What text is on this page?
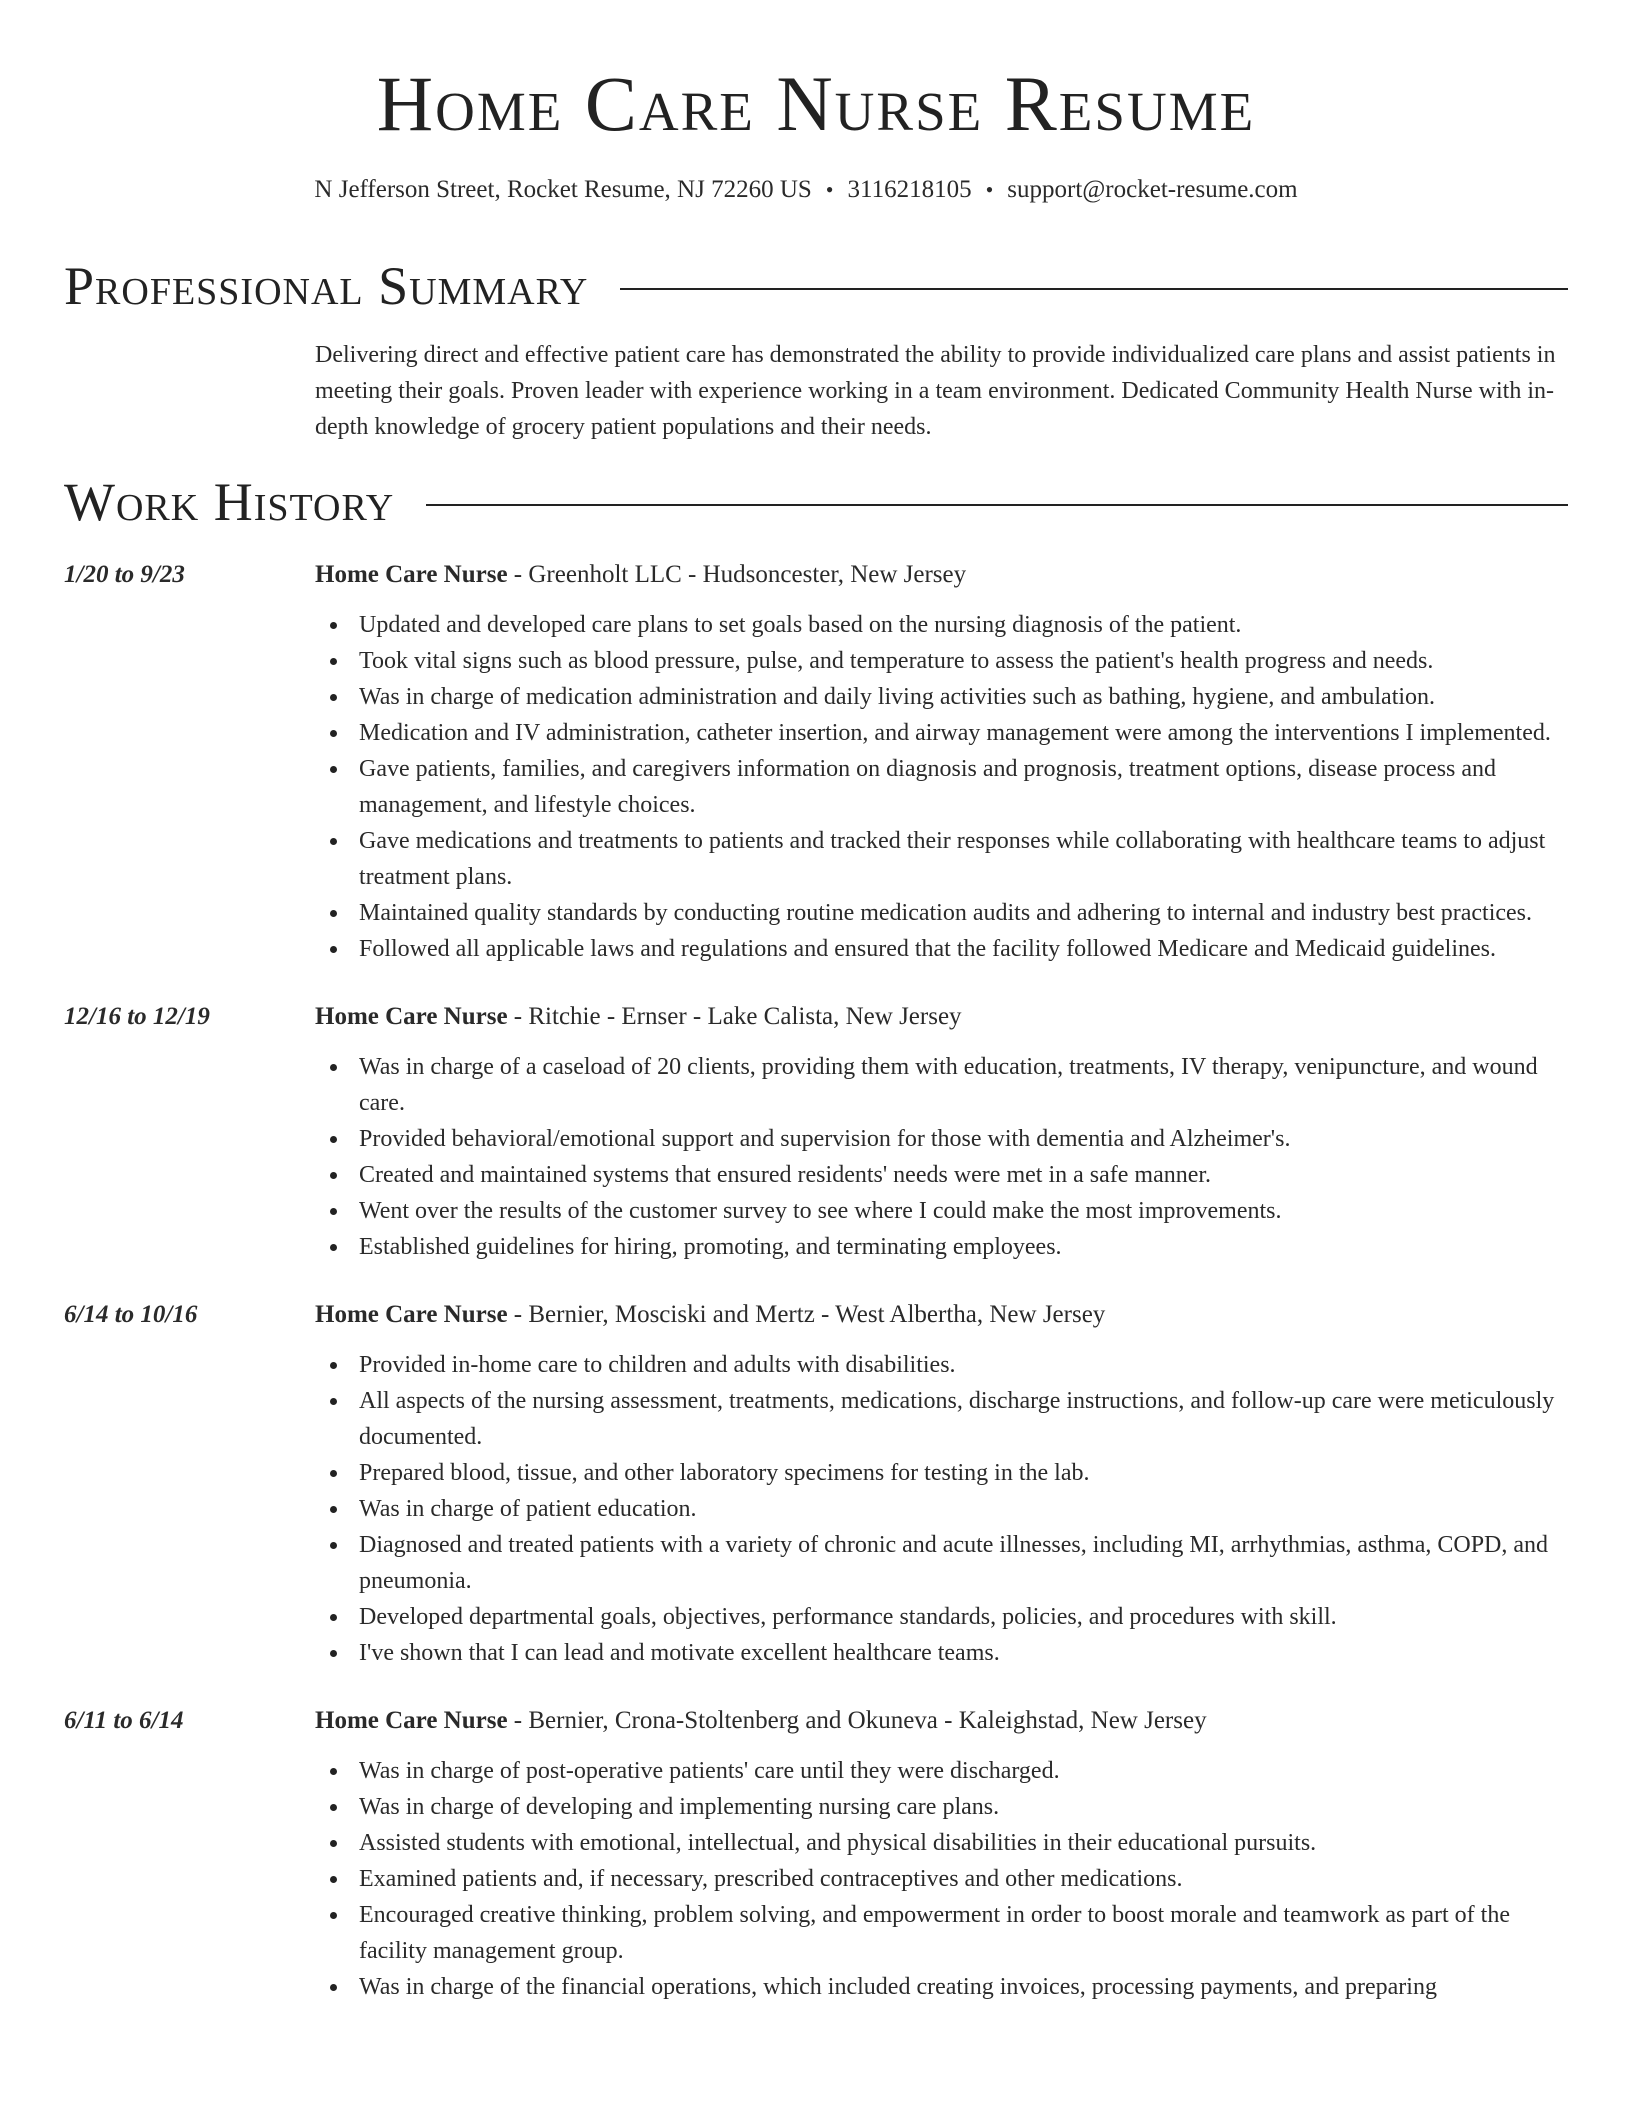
Home Care Nurse Resume
N Jefferson Street, Rocket Resume, NJ 72260 US • 3116218105 • support@rocket-resume.com
Professional Summary
Delivering direct and effective patient care has demonstrated the ability to provide individualized care plans and assist patients in meeting their goals. Proven leader with experience working in a team environment. Dedicated Community Health Nurse with in-depth knowledge of grocery patient populations and their needs.
Work History
1/20 to 9/23	Home Care Nurse - Greenholt LLC - Hudsoncester, New Jersey
Updated and developed care plans to set goals based on the nursing diagnosis of the patient.
Took vital signs such as blood pressure, pulse, and temperature to assess the patient's health progress and needs.
Was in charge of medication administration and daily living activities such as bathing, hygiene, and ambulation.
Medication and IV administration, catheter insertion, and airway management were among the interventions I implemented.
Gave patients, families, and caregivers information on diagnosis and prognosis, treatment options, disease process and management, and lifestyle choices.
Gave medications and treatments to patients and tracked their responses while collaborating with healthcare teams to adjust treatment plans.
Maintained quality standards by conducting routine medication audits and adhering to internal and industry best practices.
Followed all applicable laws and regulations and ensured that the facility followed Medicare and Medicaid guidelines.
12/16 to 12/19	Home Care Nurse - Ritchie - Ernser - Lake Calista, New Jersey
Was in charge of a caseload of 20 clients, providing them with education, treatments, IV therapy, venipuncture, and wound care.
Provided behavioral/emotional support and supervision for those with dementia and Alzheimer's.
Created and maintained systems that ensured residents' needs were met in a safe manner.
Went over the results of the customer survey to see where I could make the most improvements.
Established guidelines for hiring, promoting, and terminating employees.
6/14 to 10/16	Home Care Nurse - Bernier, Mosciski and Mertz - West Albertha, New Jersey
Provided in-home care to children and adults with disabilities.
All aspects of the nursing assessment, treatments, medications, discharge instructions, and follow-up care were meticulously documented.
Prepared blood, tissue, and other laboratory specimens for testing in the lab.
Was in charge of patient education.
Diagnosed and treated patients with a variety of chronic and acute illnesses, including MI, arrhythmias, asthma, COPD, and pneumonia.
Developed departmental goals, objectives, performance standards, policies, and procedures with skill.
I've shown that I can lead and motivate excellent healthcare teams.
6/11 to 6/14	Home Care Nurse - Bernier, Crona-Stoltenberg and Okuneva - Kaleighstad, New Jersey
Was in charge of post-operative patients' care until they were discharged.
Was in charge of developing and implementing nursing care plans.
Assisted students with emotional, intellectual, and physical disabilities in their educational pursuits.
Examined patients and, if necessary, prescribed contraceptives and other medications.
Encouraged creative thinking, problem solving, and empowerment in order to boost morale and teamwork as part of the facility management group.
Was in charge of the financial operations, which included creating invoices, processing payments, and preparing
